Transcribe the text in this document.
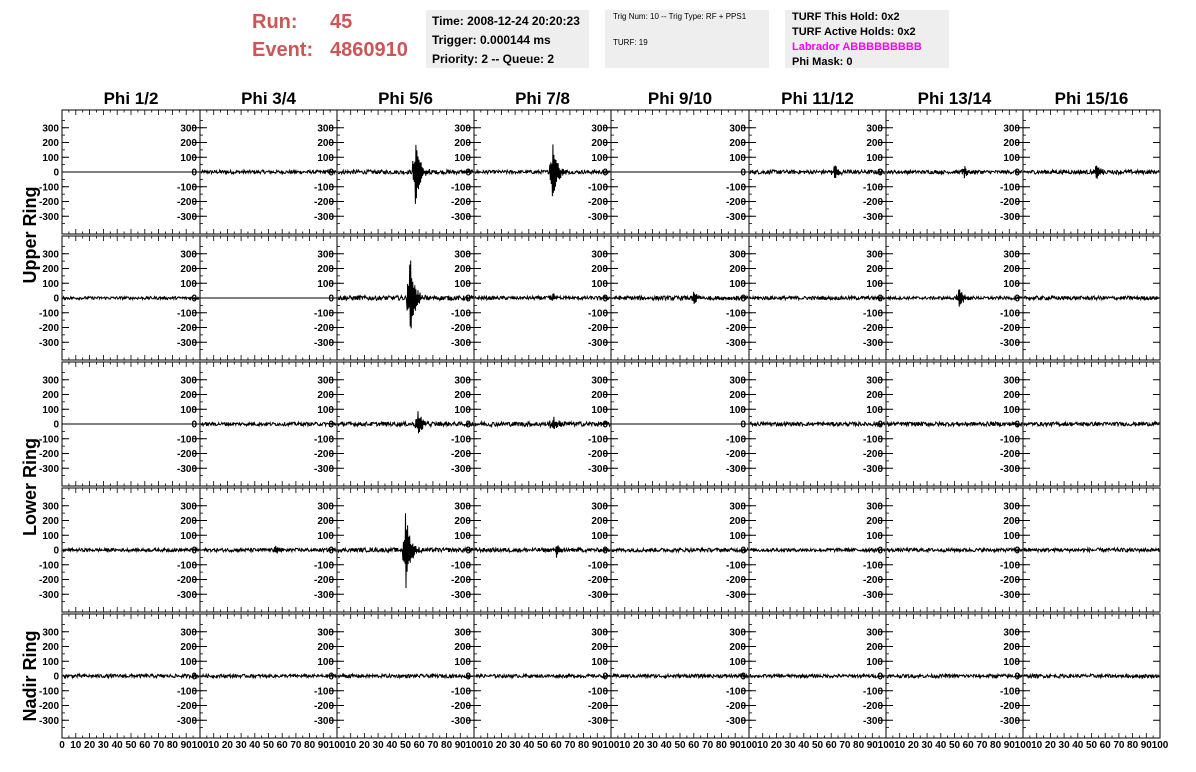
Run:	45
Event: 4860910
Time: 2008-12-24 20:20:23
Trigger: 0.000144 ms
Priority: 2 -- Queue: 2
Trig Num: 10 -- Trig Type: RF + PPS1
TURF: 19
TURF This Hold: 0x2
TURF Active Holds: 0x2
Labrador ABBBBBBBBB
Phi Mask: 0
Phi 1/2	Phi 3/4	Phi 5/6	Phi 7/8	Phi 9/10	Phi 11/12	Phi 13/14	Phi 15/16
Upper Ring
Lower Ring
Nadir Ring
300
200
100
0
-100
-200
-300
300
200
100
0
-100
-200
-300
300
200
100
0
-100
-200
-300
300
200
100
0
-100
-200
-300
300
200
100
0
-100
-200
-300
300
200
100
0
-100
-200
-300
300
200
100
0
-100
-200
-300
300
200
100
0
-100
-200
-300
300
200
100
0
-100
-200
-300
300
200
100
0
-100
-200
-300
300
200
100
0
-100
-200
-300
300
200
100
0
-100
-200
-300
300
200
100
0
-100
-200
-300
300
200
100
0
-100
-200
-300
300
200
100
0
-100
-200
-300
300
200
100
0
-100
-200
-300
300
200
100
0
-100
-200
-300
300
200
100
0
-100
-200
-300
300
200
100
0
-100
-200
-300
300
200
100
0
-100
-200
-300
300
200
100
0
-100
-200
-300
300
200
100
0
-100
-200
-300
300
200
100
0
-100
-200
-300
300
200
100
0
-100
-200
-300
300
200
100
0
-100
-200
-300
300
200
100
0
-100
-200
-300
300
200
100
0
-100
-200
-300
300
200
100
0
-100
-200
-300
300
200
100
0
-100
-200
-300
300
200
100
0
-100
-200
-300
300
200
100
0
-100
-200
-300
300
200
100
0
-100
-200
-300
300
200
100
0
-100
-200
-300
300
200
100
0
-100
-200
-300
300
200
100
0
-100
-200
-300
300
200
100
0
-100
-200
-300
300
200
100
0
-100
-200
-300
300
200
100
0
-100
-200
-300
300
200
100
0
-100
-200
-300
300
200
100
0
-100
-200
-300
0 10 20 30 40 50 60 70 80 90 100 10 20 30 40 50 60 70 80 90 100 10 20 30 40 50 60 70 80 90 100 10 20 30 40 50 60 70 80 90 100 10 20 30 40 50 60 70 80 90 100 10 20 30 40 50 60 70 80 90 100 10 20 30 40 50 60 70 80 90 100 10 20 30 40 50 60 70 80 90 100
